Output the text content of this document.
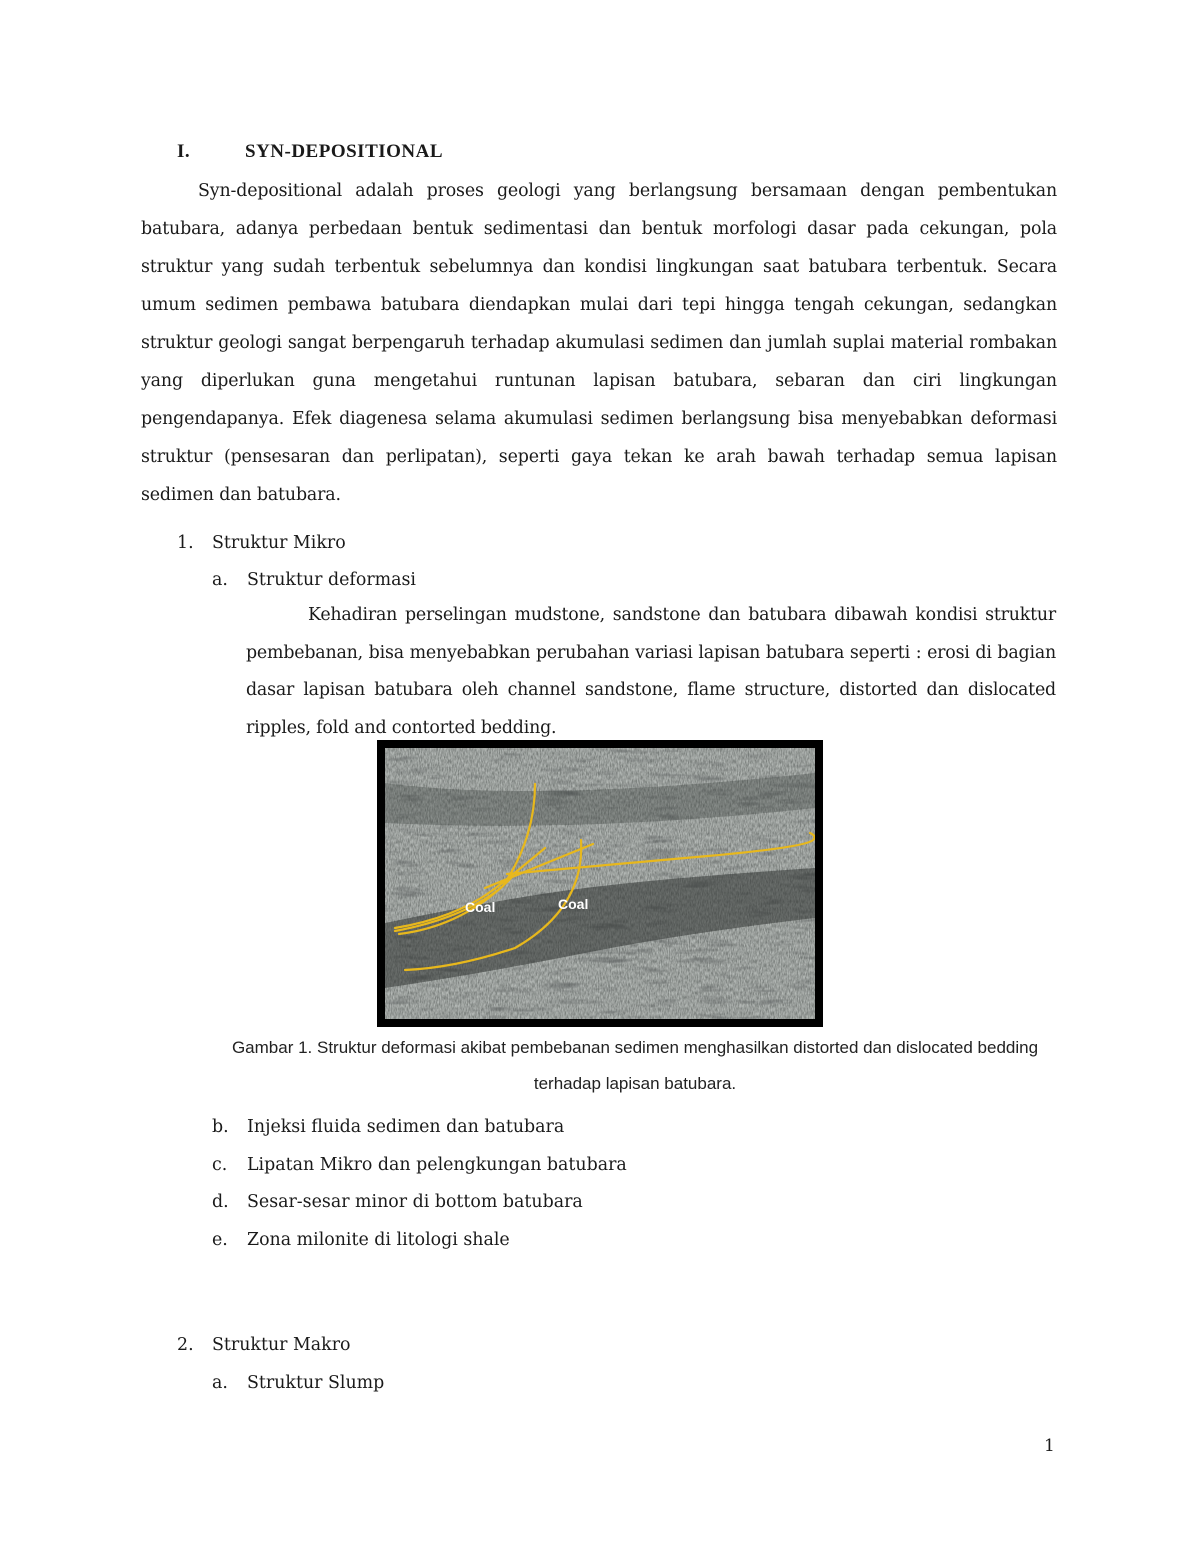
I.	SYN-DEPOSITIONAL

Syn-depositional adalah proses geologi yang berlangsung bersamaan dengan pembentukan batubara, adanya perbedaan bentuk sedimentasi dan bentuk morfologi dasar pada cekungan, pola struktur yang sudah terbentuk sebelumnya dan kondisi lingkungan saat batubara terbentuk. Secara umum sedimen pembawa batubara diendapkan mulai dari tepi hingga tengah cekungan, sedangkan struktur geologi sangat berpengaruh terhadap akumulasi sedimen dan jumlah suplai material rombakan yang diperlukan guna mengetahui runtunan lapisan batubara, sebaran dan ciri lingkungan pengendapanya. Efek diagenesa selama akumulasi sedimen berlangsung bisa menyebabkan deformasi struktur (pensesaran dan perlipatan), seperti gaya tekan ke arah bawah terhadap semua lapisan sedimen dan batubara.

1. Struktur Mikro
a. Struktur deformasi

Kehadiran perselingan mudstone, sandstone dan batubara dibawah kondisi struktur pembebanan, bisa menyebabkan perubahan variasi lapisan batubara seperti : erosi di bagian dasar lapisan batubara oleh channel sandstone, flame structure, distorted dan dislocated ripples, fold and contorted bedding.

Coal	Coal
Gambar 1. Struktur deformasi akibat pembebanan sedimen menghasilkan distorted dan dislocated bedding
terhadap lapisan batubara.
b. Injeksi fluida sedimen dan batubara
c. Lipatan Mikro dan pelengkungan batubara
d. Sesar-sesar minor di bottom batubara
e. Zona milonite di litologi shale
2. Struktur Makro
a. Struktur Slump
1
